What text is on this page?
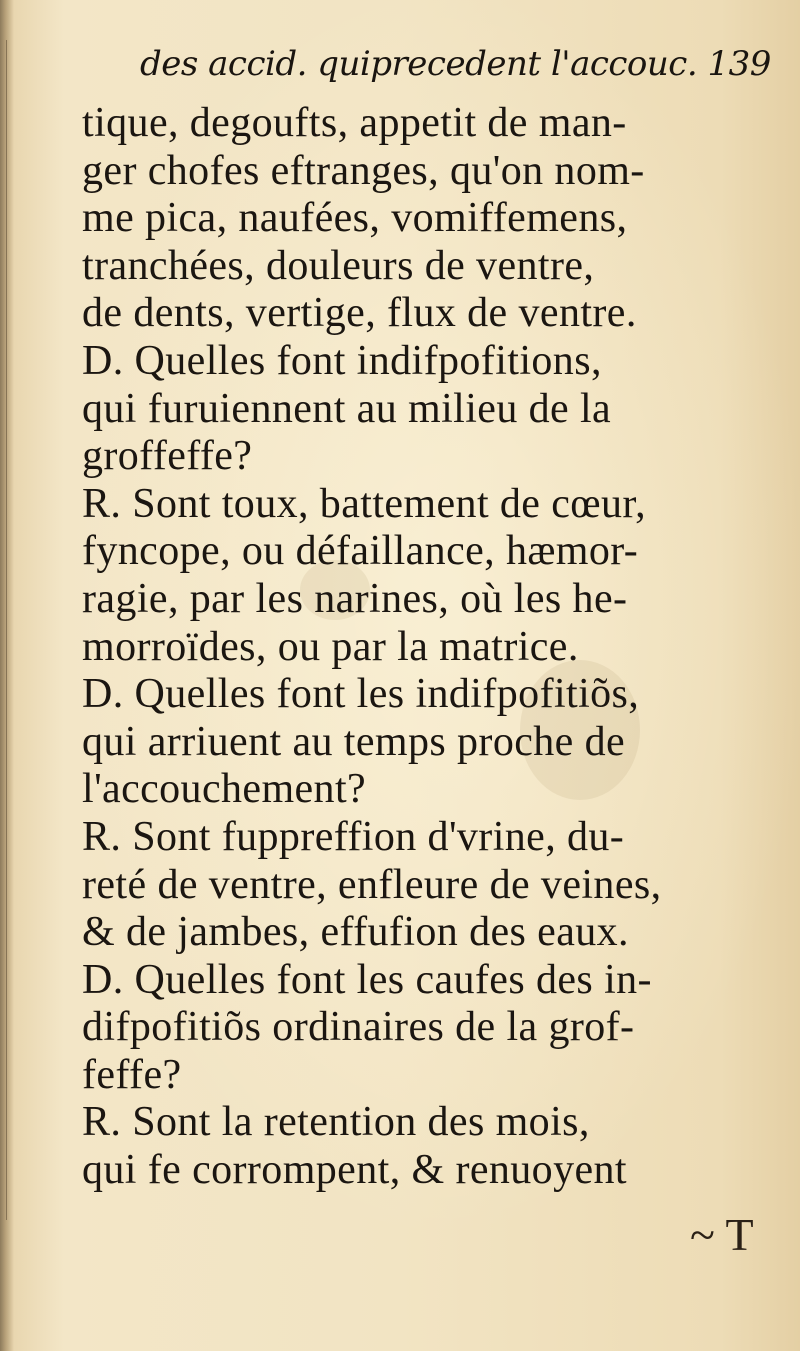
des accid. quiprecedent l'accouc. 139
tique, degoufts, appetit de man-
ger chofes eftranges, qu'on nom-
me pica, naufées, vomiffemens,
tranchées, douleurs de ventre,
de dents, vertige, flux de ventre.
D. Quelles font indifpofitions,
qui furuiennent au milieu de la
groffeffe?
R. Sont toux, battement de cœur,
fyncope, ou défaillance, hæmor-
ragie, par les narines, où les he-
morroïdes, ou par la matrice.
D. Quelles font les indifpofitiõs,
qui arriuent au temps proche de
l'accouchement?
R. Sont fuppreffion d'vrine, du-
reté de ventre, enfleure de veines,
& de jambes, effufion des eaux.
D. Quelles font les caufes des in-
difpofitiõs ordinaires de la grof-
feffe?
R. Sont la retention des mois,
qui fe corrompent, & renuoyent
~ T
